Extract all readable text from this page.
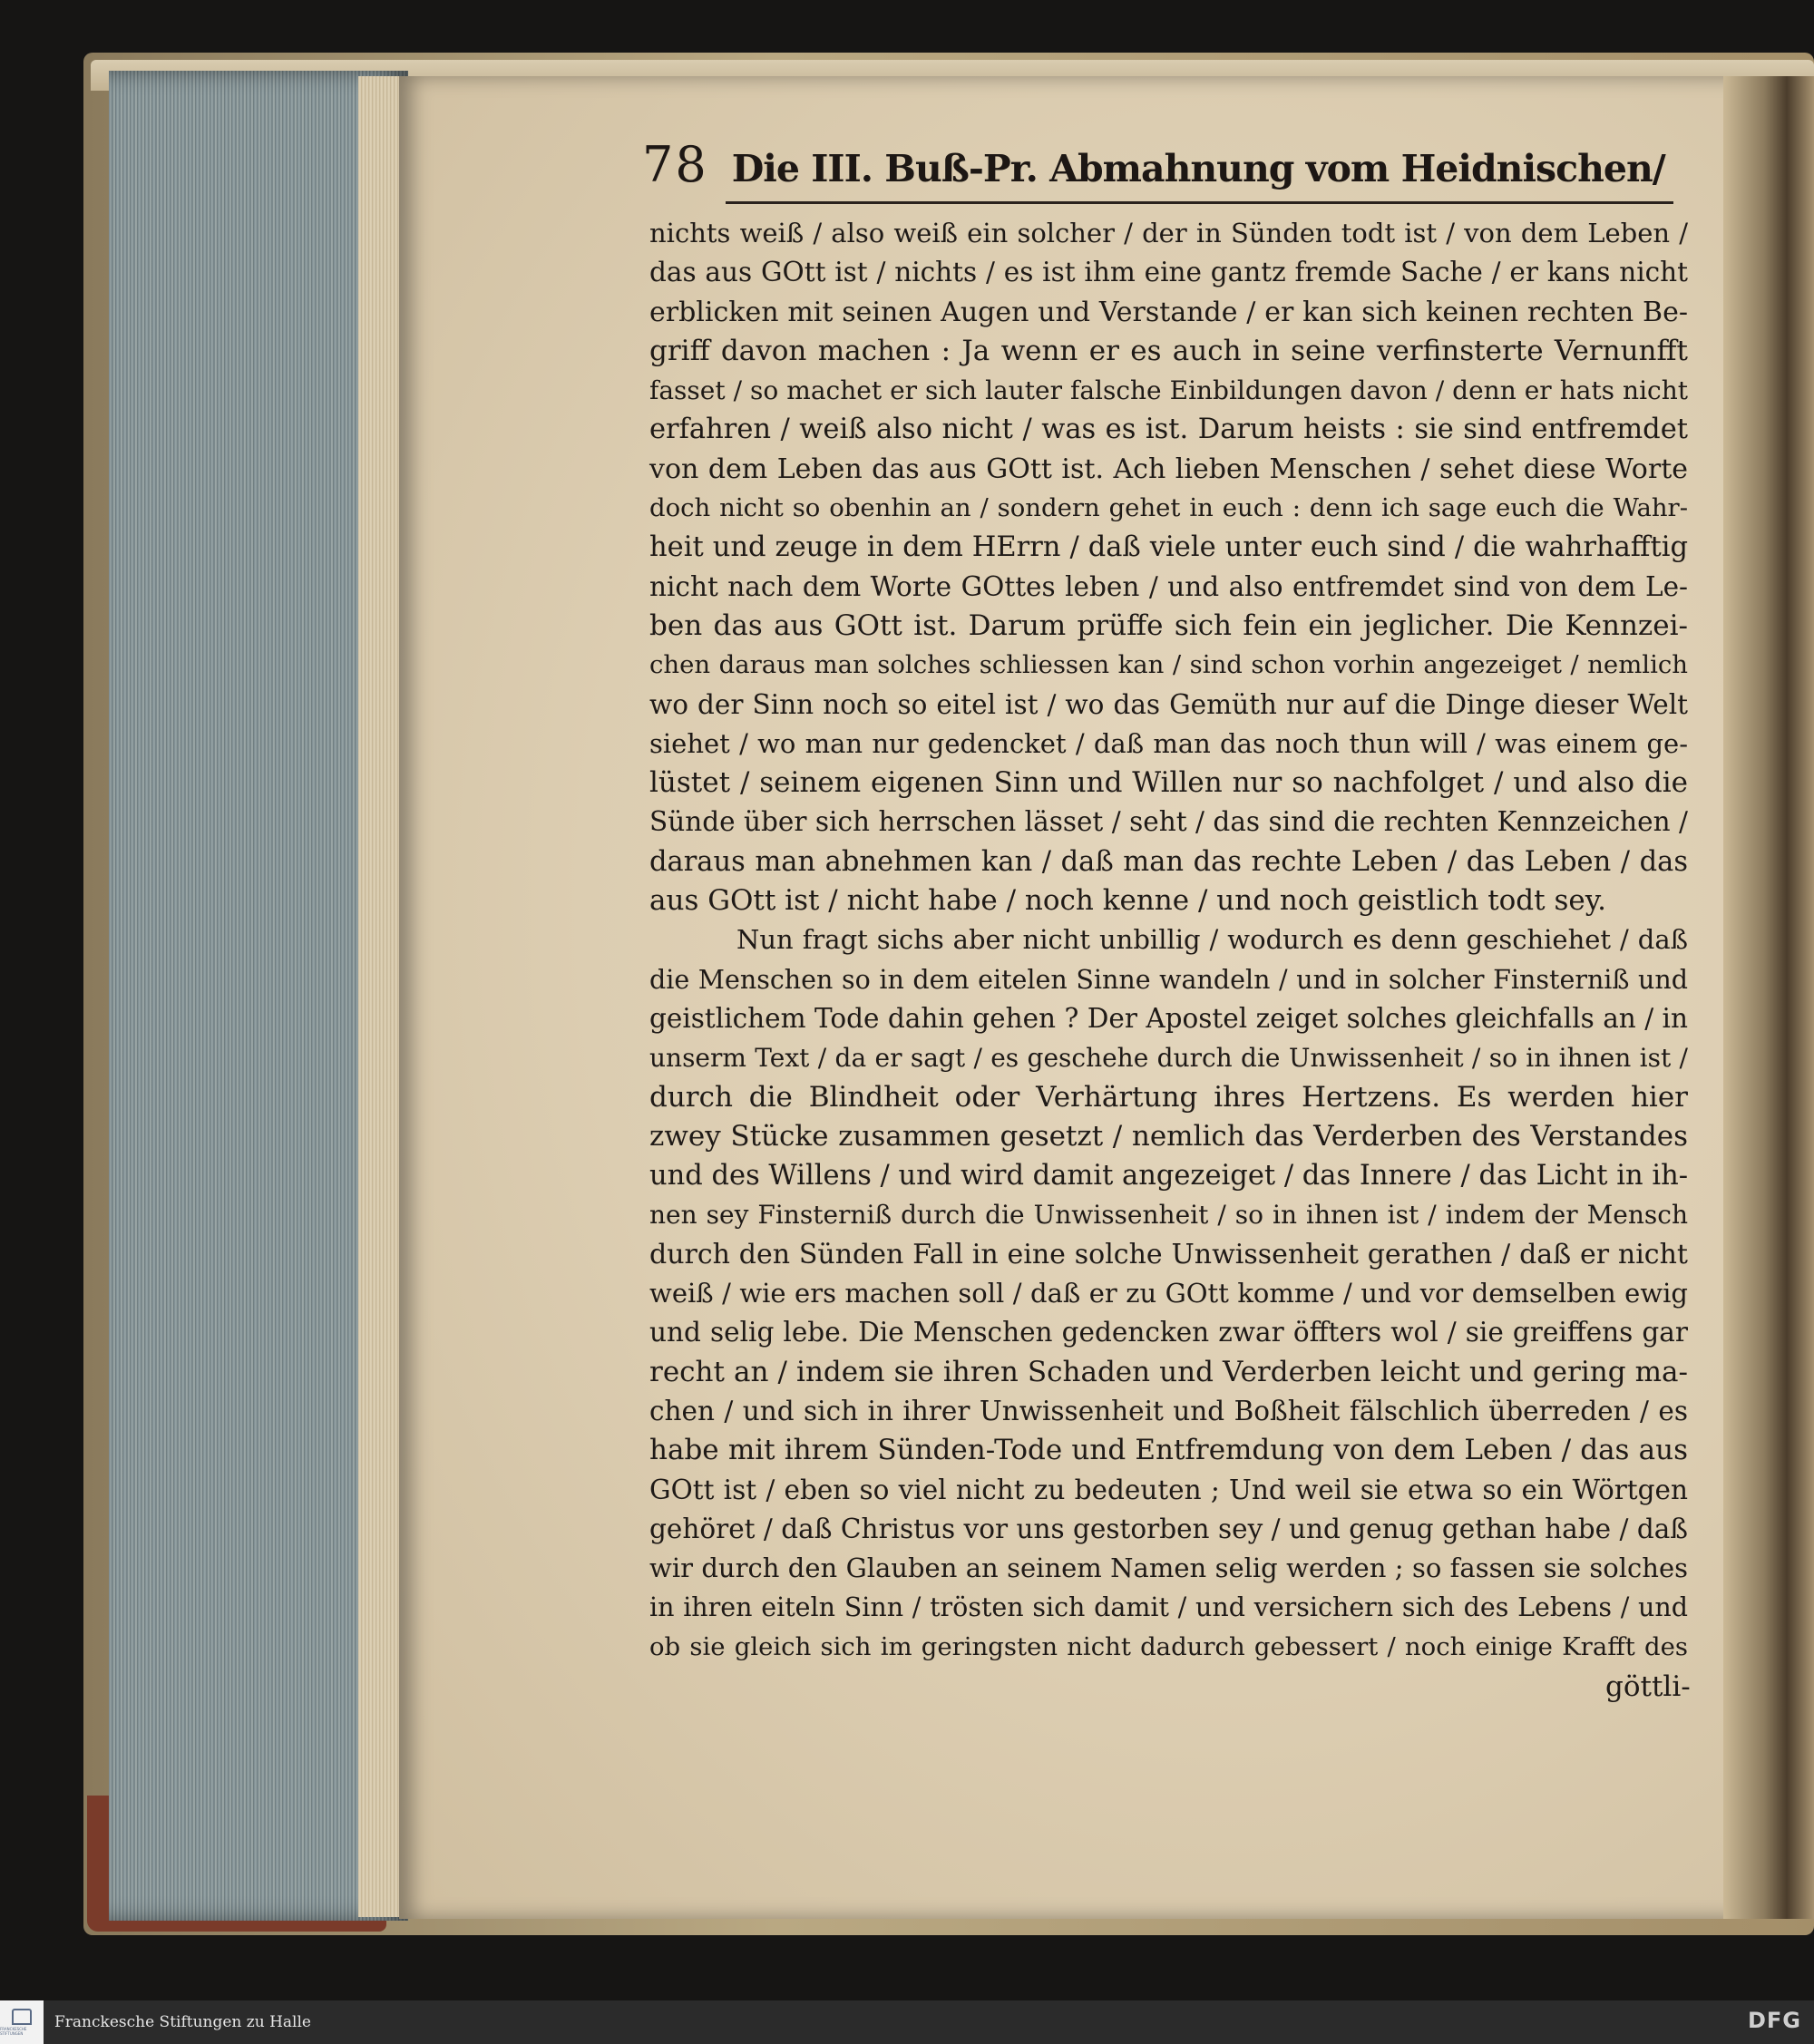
78 Die III. Buß-Pr. Abmahnung vom Heidnischen/
nichts weiß / also weiß ein solcher / der in Sünden todt ist / von dem Leben /
das aus GOtt ist / nichts / es ist ihm eine gantz fremde Sache / er kans nicht
erblicken mit seinen Augen und Verstande / er kan sich keinen rechten Be-
griff davon machen : Ja wenn er es auch in seine verfinsterte Vernunfft
fasset / so machet er sich lauter falsche Einbildungen davon / denn er hats nicht
erfahren / weiß also nicht / was es ist. Darum heists : sie sind entfremdet
von dem Leben das aus GOtt ist. Ach lieben Menschen / sehet diese Worte
doch nicht so obenhin an / sondern gehet in euch : denn ich sage euch die Wahr-
heit und zeuge in dem HErrn / daß viele unter euch sind / die wahrhafftig
nicht nach dem Worte GOttes leben / und also entfremdet sind von dem Le-
ben das aus GOtt ist. Darum prüffe sich fein ein jeglicher. Die Kennzei-
chen daraus man solches schliessen kan / sind schon vorhin angezeiget / nemlich
wo der Sinn noch so eitel ist / wo das Gemüth nur auf die Dinge dieser Welt
siehet / wo man nur gedencket / daß man das noch thun will / was einem ge-
lüstet / seinem eigenen Sinn und Willen nur so nachfolget / und also die
Sünde über sich herrschen lässet / seht / das sind die rechten Kennzeichen /
daraus man abnehmen kan / daß man das rechte Leben / das Leben / das
aus GOtt ist / nicht habe / noch kenne / und noch geistlich todt sey.
Nun fragt sichs aber nicht unbillig / wodurch es denn geschiehet / daß
die Menschen so in dem eitelen Sinne wandeln / und in solcher Finsterniß und
geistlichem Tode dahin gehen ? Der Apostel zeiget solches gleichfalls an / in
unserm Text / da er sagt / es geschehe durch die Unwissenheit / so in ihnen ist /
durch die Blindheit oder Verhärtung ihres Hertzens. Es werden hier
zwey Stücke zusammen gesetzt / nemlich das Verderben des Verstandes
und des Willens / und wird damit angezeiget / das Innere / das Licht in ih-
nen sey Finsterniß durch die Unwissenheit / so in ihnen ist / indem der Mensch
durch den Sünden Fall in eine solche Unwissenheit gerathen / daß er nicht
weiß / wie ers machen soll / daß er zu GOtt komme / und vor demselben ewig
und selig lebe. Die Menschen gedencken zwar öffters wol / sie greiffens gar
recht an / indem sie ihren Schaden und Verderben leicht und gering ma-
chen / und sich in ihrer Unwissenheit und Boßheit fälschlich überreden / es
habe mit ihrem Sünden-Tode und Entfremdung von dem Leben / das aus
GOtt ist / eben so viel nicht zu bedeuten ; Und weil sie etwa so ein Wörtgen
gehöret / daß Christus vor uns gestorben sey / und genug gethan habe / daß
wir durch den Glauben an seinem Namen selig werden ; so fassen sie solches
in ihren eiteln Sinn / trösten sich damit / und versichern sich des Lebens / und
ob sie gleich sich im geringsten nicht dadurch gebessert / noch einige Krafft des
göttli-
FRANCKESCHE STIFTUNGEN
Franckesche Stiftungen zu Halle	DFG
